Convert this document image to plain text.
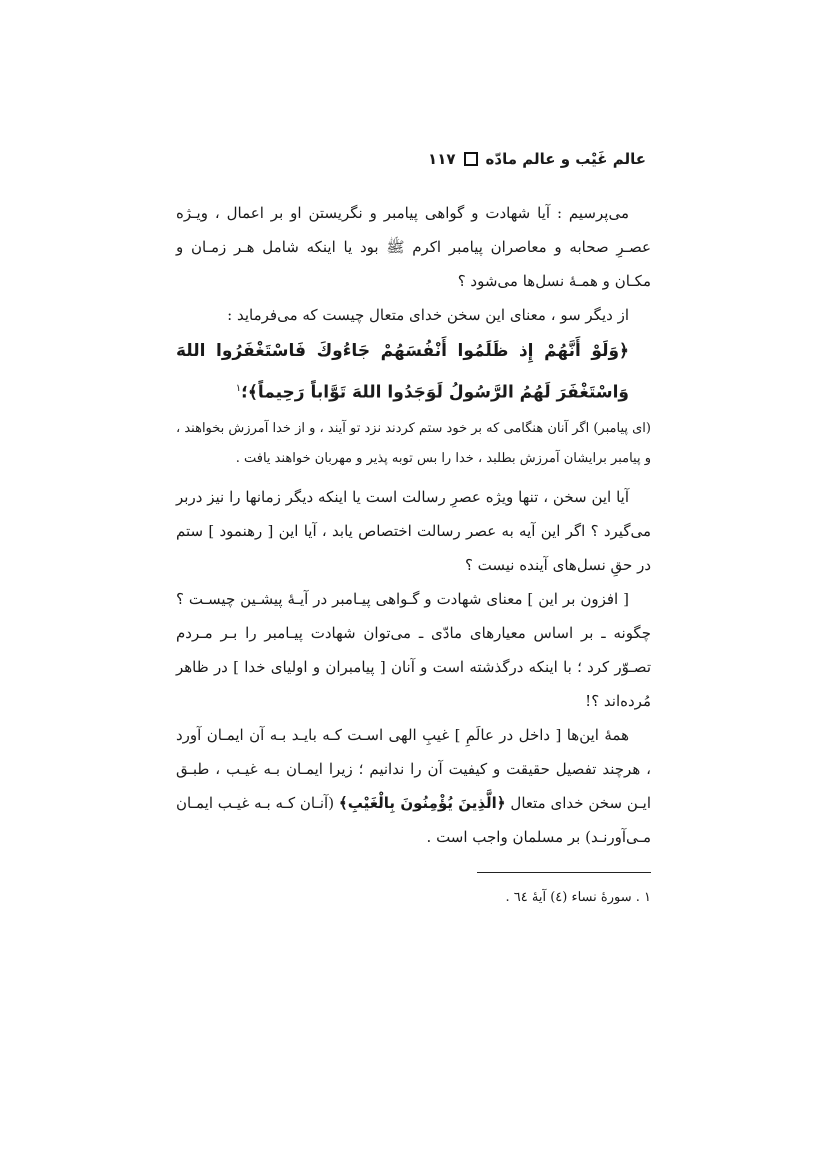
عالم غَيْب و عالم مادّه
١١٧

می‌پرسیم : آیا شهادت و گواهی پیامبر و نگریستن او بر اعمال ، ویـژه عصـرِ صحابه و معاصران پیامبر اکرم ﷺ بود یا اینکه شامل هـر زمـان و مکـان و همـهٔ نسل‌ها می‌شود ؟

از دیگر سو ، معنای این سخن خدای متعال چیست که می‌فرماید :

﴿وَلَوْ أَنَّهُمْ إِذ ظَلَمُوا أَنْفُسَهُمْ جَاءُوكَ فَاسْتَغْفَرُوا اللهَ وَاسْتَغْفَرَ لَهُمُ الرَّسُولُ لَوَجَدُوا اللهَ تَوَّاباً رَحِيماً﴾؛$^١$

(ای پیامبر) اگر آنان هنگامی که بر خود ستم کردند نزد تو آیند ، و از خدا آمرزش بخواهند ، و پیامبر برایشان آمرزش بطلبد ، خدا را بس توبه پذیر و مهربان خواهند یافت .

آیا این سخن ، تنها ویژه عصرِ رسالت است یا اینکه دیگر زمانها را نیز دربر می‌گیرد ؟ اگر این آیه به عصر رسالت اختصاص یابد ، آیا این [ رهنمود ] ستم در حقِ نسل‌های آینده نیست ؟

[ افزون بر این ] معنای شهادت و گـواهی پیـامبر در آیـهٔ پیشـین چیسـت ؟ چگونه ـ بر اساس معیارهای مادّی ـ می‌توان شهادت پیـامبر را بـر مـردم تصـوّر کرد ؛ با اینکه درگذشته است و آنان [ پیامبران و اولیای خدا ] در ظاهر مُرده‌اند ؟!

همهٔ این‌ها [ داخل در عالَمِ ] غیبِ الهی اسـت کـه بایـد بـه آن ایمـان آورد ، هرچند تفصیل حقیقت و کیفیت آن را ندانیم ؛ زیرا ایمـان بـه غیـب ، طبـق ایـن سخن خدای متعال ﴿الَّذِينَ يُؤْمِنُونَ بِالْغَيْبِ﴾ (آنـان کـه بـه غیـب ایمـان مـی‌آورنـد) بر مسلمان واجب است .

١ . سورهٔ نساء (٤) آیهٔ ٦٤ .
